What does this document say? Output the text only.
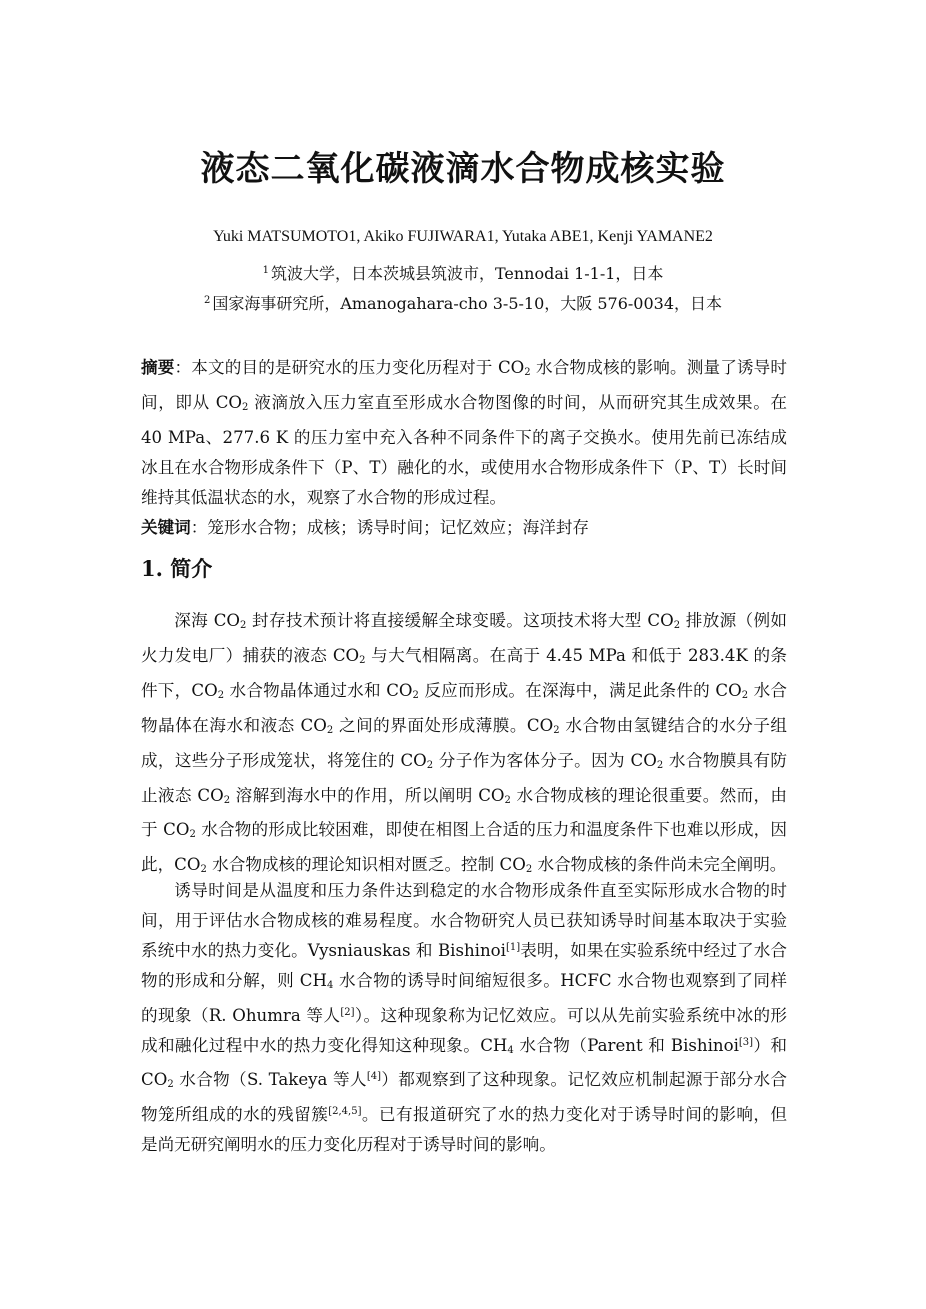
液态二氧化碳液滴水合物成核实验
Yuki MATSUMOTO1, Akiko FUJIWARA1, Yutaka ABE1, Kenji YAMANE2
$^1$ 筑波大学，日本茨城县筑波市，Tennodai 1-1-1，日本
$^2$ 国家海事研究所，Amanogahara-cho 3-5-10，大阪 576-0034，日本
摘要：本文的目的是研究水的压力变化历程对于 $CO_2$ 水合物成核的影响。测量了诱导时间，即从 $CO_2$ 液滴放入压力室直至形成水合物图像的时间，从而研究其生成效果。在 40 MPa、277.6 K 的压力室中充入各种不同条件下的离子交换水。使用先前已冻结成冰且在水合物形成条件下（P、T）融化的水，或使用水合物形成条件下（P、T）长时间维持其低温状态的水，观察了水合物的形成过程。
关键词：笼形水合物；成核；诱导时间；记忆效应；海洋封存
1. 简介
深海 $CO_2$ 封存技术预计将直接缓解全球变暖。这项技术将大型 $CO_2$ 排放源（例如火力发电厂）捕获的液态 $CO_2$ 与大气相隔离。在高于 4.45 MPa 和低于 283.4K 的条件下，$CO_2$ 水合物晶体通过水和 $CO_2$ 反应而形成。在深海中，满足此条件的 $CO_2$ 水合物晶体在海水和液态 $CO_2$ 之间的界面处形成薄膜。$CO_2$ 水合物由氢键结合的水分子组成，这些分子形成笼状，将笼住的 $CO_2$ 分子作为客体分子。因为 $CO_2$ 水合物膜具有防止液态 $CO_2$ 溶解到海水中的作用，所以阐明 $CO_2$ 水合物成核的理论很重要。然而，由于 $CO_2$ 水合物的形成比较困难，即使在相图上合适的压力和温度条件下也难以形成，因此，$CO_2$ 水合物成核的理论知识相对匮乏。控制 $CO_2$ 水合物成核的条件尚未完全阐明。
诱导时间是从温度和压力条件达到稳定的水合物形成条件直至实际形成水合物的时间，用于评估水合物成核的难易程度。水合物研究人员已获知诱导时间基本取决于实验系统中水的热力变化。Vysniauskas 和 Bishinoi[1]表明，如果在实验系统中经过了水合物的形成和分解，则 $CH_4$ 水合物的诱导时间缩短很多。HCFC 水合物也观察到了同样的现象（R. Ohumra 等人[2]）。这种现象称为记忆效应。可以从先前实验系统中冰的形成和融化过程中水的热力变化得知这种现象。$CH_4$ 水合物（Parent 和 Bishinoi[3]）和 $CO_2$ 水合物（S. Takeya 等人[4]）都观察到了这种现象。记忆效应机制起源于部分水合物笼所组成的水的残留簇[2,4,5]。已有报道研究了水的热力变化对于诱导时间的影响，但是尚无研究阐明水的压力变化历程对于诱导时间的影响。
